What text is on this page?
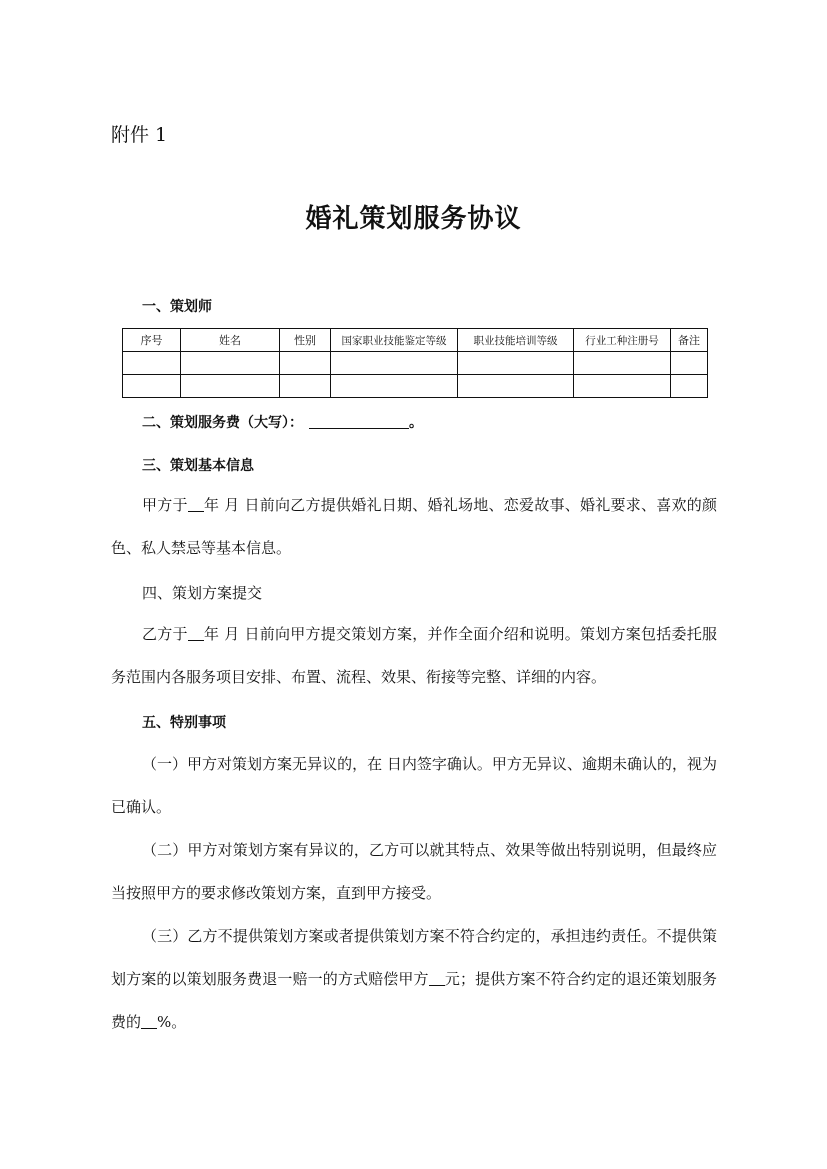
附件 1
婚礼策划服务协议
一、策划师
序号	姓名	性别	国家职业技能鉴定等级	职业技能培训等级	行业工种注册号	备注

二、策划服务费（大写）：	。
三、策划基本信息

甲方于 年 月 日前向乙方提供婚礼日期、婚礼场地、恋爱故事、婚礼要求、喜欢的颜色、私人禁忌等基本信息。

四、策划方案提交

乙方于 年 月 日前向甲方提交策划方案，并作全面介绍和说明。策划方案包括委托服务范围内各服务项目安排、布置、流程、效果、衔接等完整、详细的内容。

五、特别事项

（一）甲方对策划方案无异议的，在 日内签字确认。甲方无异议、逾期未确认的，视为已确认。

（二）甲方对策划方案有异议的，乙方可以就其特点、效果等做出特别说明，但最终应当按照甲方的要求修改策划方案，直到甲方接受。

（三）乙方不提供策划方案或者提供策划方案不符合约定的，承担违约责任。不提供策划方案的以策划服务费退一赔一的方式赔偿甲方 元；提供方案不符合约定的退还策划服务费的 %。
